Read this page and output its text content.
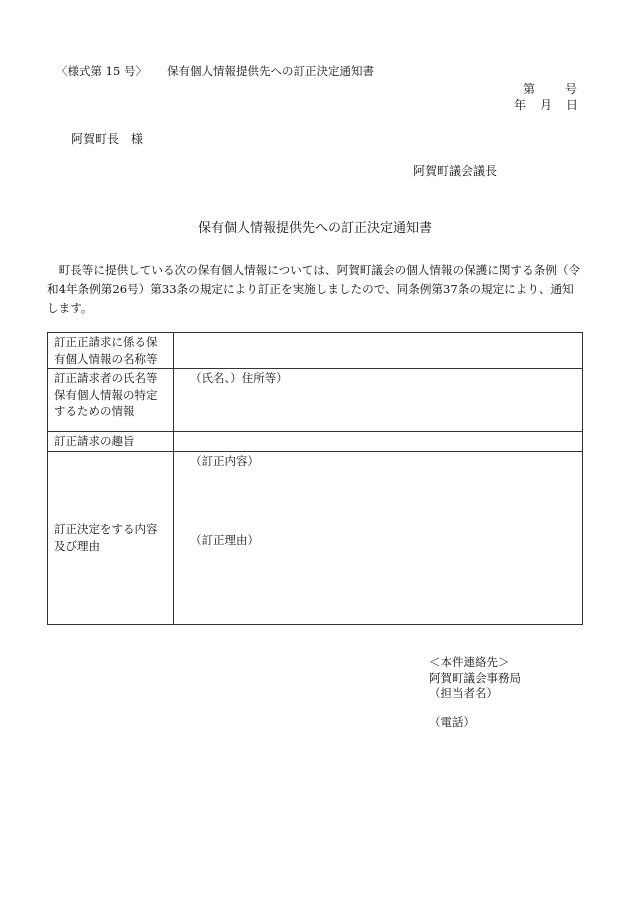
〈様式第 15 号〉 保有個人情報提供先への訂正決定通知書
第	号
年 月 日
阿賀町長 様
阿賀町議会議長
保有個人情報提供先への訂正決定通知書
町長等に提供している次の保有個人情報については、阿賀町議会の個人情報の保護に関する条例（令和4年条例第26号）第33条の規定により訂正を実施しましたので、同条例第37条の規定により、通知します。
訂正正請求に係る保有個人情報の名称等	
訂正請求者の氏名等保有個人情報の特定するための情報	（氏名、）住所等）

訂正請求の趣旨	
訂正決定をする内容及び理由	（訂正内容）
（訂正理由）
＜本件連絡先＞
阿賀町議会事務局
（担当者名）
（電話）
